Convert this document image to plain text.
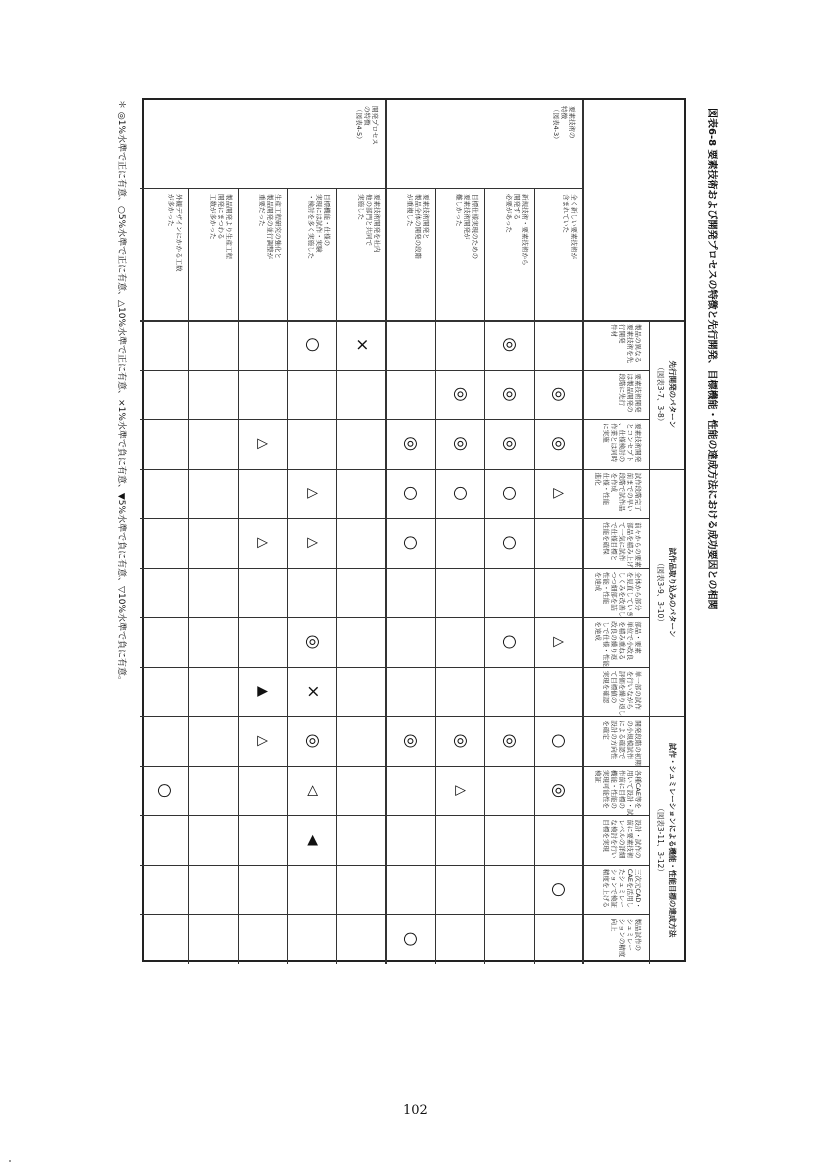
図表6-8 要素技術および開発プロセスの特徴と先行開発、目標機能・性能の達成方法における成功要因との相関
先行開発のパターン
（図表3-7、3-8）
試作品取り込みのパターン
（図表3-9、3-10）
試作・シュミレーションによる機能・性能目標の達成方法
（図表3-11、3-12）
製品の異なる
要素技術を先
行開発
件材
要素技術開発
は製品開発の
段階に先行
要素技術開発
とコンセプト
、仕様検討の
作業とは同時
に実施
試作段階完了
前までの早い
段階で試作品
を作成
仕様・性能
進化
前々からの要素
部品を積み上げ
て一気に試作
で仕様目標と
性能を確保
全体から部分
を見直していき
しくみを改善し
つつ細部を詰
性能・性能
を達成
部品・要素
単位で小改良
を積み重ねる
改良の繰り返
しで仕様・性能
を達成
単一部の試作
を行いながら
評価を繰り返し
て目標値の
実現を確認
開発段階の初期
の小規模試作
による確認で
設計の方向性
を確定
各種CAE等を
用いて設計・試
作前に目標の
機能・性能の
実現可能性を
検証
設計・試作の
前に要素技術
レベルの詳細
な検討を行い
目標を実現
三次元CAD・
CAEを活用し
たシュミレー
ションで検証
精度を上げる
製品試作の
シュミレー
ションの精度
向上
要素技術の
特徴
（図表4-3）
開発プロセス
の特徴
（図表4-5）
全く新しい要素技術が
含まれていた
◎
◎
△
△
○
◎
○
新規技術・要素技術から
開発する
必要があった
◎
◎
◎
○
○
○
◎
目標仕様実現のための
要素技術開発が
難しかった
◎
◎
○
◎
△
要素技術開発と
製品全体の開発の段階
が重複した
◎
○
○
◎
○
要素技術開発を社内
他の部門と共同で
実施した
×
目標機能・仕様の
実現には試作・実験
・検討を多く実施した
○
△
△
◎
×
◎
◁
◀
生産工程研究の強化と
製品開発の並行調整が
重要だった
△
△
▲
△
製品開発より生産工程
開発にまつわる
工数が多かった
外観デザインにかかる工数
が多かった
○
＊ ◎1%水準で正に有意、○5%水準で正に有意、△10%水準で正に有意、×1%水準で負に有意、▼5%水準で負に有意、▽10%水準で負に有意。
102
